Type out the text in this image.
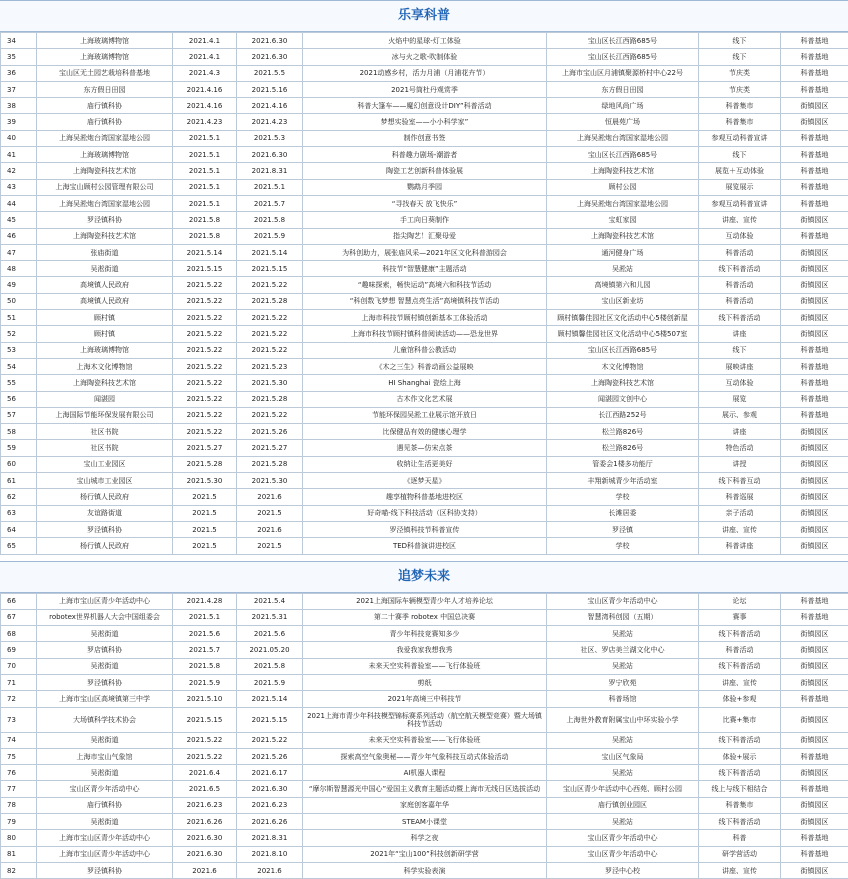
乐享科普
34	上海玻璃博物馆	2021.4.1	2021.6.30	火焰中的星球-灯工体验	宝山区长江西路685号	线下	科普基地
35	上海玻璃博物馆	2021.4.1	2021.6.30	冰与火之歌-吹制体验	宝山区长江西路685号	线下	科普基地
36	宝山区无土园艺栽培科普基地	2021.4.3	2021.5.5	2021动感乡村，活力月浦（月浦花卉节）	上海市宝山区月浦镇聚源桥村中心22号	节庆类	科普基地
37	东方假日田园	2021.4.16	2021.5.16	2021号筒杜丹观赏季	东方假日田园	节庆类	科普基地
38	庙行镇科协	2021.4.16	2021.4.16	科普大篷车——魔幻创意设计DIY”科普活动	绿地风尚广场	科普集市	街镇园区
39	庙行镇科协	2021.4.23	2021.4.23	梦想实验室——小小科学家”	恒晨苑广场	科普集市	街镇园区
40	上海吴淞炮台湾国家湿地公园	2021.5.1	2021.5.3	制作创意书签	上海吴淞炮台湾国家湿地公园	参观互动科普宣讲	科普基地
41	上海玻璃博物馆	2021.5.1	2021.6.30	科普趣力剧场-潮游者	宝山区长江西路685号	线下	科普基地
42	上海陶瓷科技艺术馆	2021.5.1	2021.8.31	陶瓷工艺创新科普体验展	上海陶瓷科技艺术馆	展览＋互动体验	科普基地
43	上海宝山顾村公园管理有限公司	2021.5.1	2021.5.1	鹦鹉月季园	顾村公园	展览展示	科普基地
44	上海吴淞炮台湾国家湿地公园	2021.5.1	2021.5.7	“寻找春天 放飞快乐”	上海吴淞炮台湾国家湿地公园	参观互动科普宣讲	科普基地
45	罗泾镇科协	2021.5.8	2021.5.8	手工向日葵制作	宝虹家园	讲座、宣传	街镇园区
46	上海陶瓷科技艺术馆	2021.5.8	2021.5.9	指尖陶艺！汇聚母爱	上海陶瓷科技艺术馆	互动体验	科普基地
47	张庙街道	2021.5.14	2021.5.14	为科创助力，展张庙风采—2021年区文化科普游园会	通河健身广场	科普活动	街镇园区
48	吴淞街道	2021.5.15	2021.5.15	科技节“智慧健康”主题活动	吴淞站	线下科普活动	街镇园区
49	高境镇人民政府	2021.5.22	2021.5.22	“趣味探索，畅快运动”高境六和科技节活动	高境镇第六和儿园	科普活动	街镇园区
50	高境镇人民政府	2021.5.22	2021.5.28	“科创数飞梦想 智慧点亮生活”高境镇科技节活动	宝山区新业坊	科普活动	街镇园区
51	顾村镇	2021.5.22	2021.5.22	上海市科技节顾村镇创新基本工体验活动	顾村镇馨佳园社区文化活动中心5楼创新屋	线下科普活动	街镇园区
52	顾村镇	2021.5.22	2021.5.22	上海市科技节顾村镇科普阅读活动——恐龙世界	顾村镇馨佳园社区文化活动中心5楼507室	讲座	街镇园区
53	上海玻璃博物馆	2021.5.22	2021.5.22	儿童馆科普公教活动	宝山区长江西路685号	线下	科普基地
54	上海木文化博物馆	2021.5.22	2021.5.23	《木之三生》科普动画公益展映	木文化博物馆	展映讲座	科普基地
55	上海陶瓷科技艺术馆	2021.5.22	2021.5.30	HI Shanghai 瓷绘上海	上海陶瓷科技艺术馆	互动体验	科普基地
56	闻湛园	2021.5.22	2021.5.28	古木作文化艺术展	闻湛园文创中心	展览	科普基地
57	上海国际节能环保发展有限公司	2021.5.22	2021.5.22	节能环保园吴淞工业展示馆开放日	长江西路252号	展示、参观	科普基地
58	社区书院	2021.5.22	2021.5.26	比保健品有效的健康心理学	松兰路826号	讲座	街镇园区
59	社区书院	2021.5.27	2021.5.27	遇见茶—仿宋点茶	松兰路826号	特色活动	街镇园区
60	宝山工业园区	2021.5.28	2021.5.28	收纳让生活更美好	管委会1楼多功能厅	讲授	街镇园区
61	宝山城市工业园区	2021.5.30	2021.5.30	《逐梦天星》	丰翔新城青少年活动室	线下科普互动	街镇园区
62	杨行镇人民政府	2021.5	2021.6	趣享植物科普基地进校区	学校	科普巡展	街镇园区
63	友谊路街道	2021.5	2021.5	好奇喵-线下科技活动（区科协支持）	长滩居委	亲子活动	街镇园区
64	罗泾镇科协	2021.5	2021.6	罗泾镇科技节科普宣传	罗泾镇	讲座、宣传	街镇园区
65	杨行镇人民政府	2021.5	2021.5	TED科普演讲进校区	学校	科普讲座	街镇园区
追梦未来
66	上海市宝山区青少年活动中心	2021.4.28	2021.5.4	2021上海国际车辆模型青少年人才培养论坛	宝山区青少年活动中心	论坛	科普基地
67	robotex世界机器人大会中国组委会	2021.5.1	2021.5.31	第二十赛季 robotex 中国总决赛	智慧湾科创园（五期）	赛事	科普基地
68	吴淞街道	2021.5.6	2021.5.6	青少年科技竞赛知多少	吴淞站	线下科普活动	街镇园区
69	罗店镇科协	2021.5.7	2021.05.20	我爱我家我想我秀	社区、罗店美兰湖文化中心	科普活动	街镇园区
70	吴淞街道	2021.5.8	2021.5.8	未来天空实科普验室——飞行体验班	吴淞站	线下科普活动	街镇园区
71	罗泾镇科协	2021.5.9	2021.5.9	剪纸	罗宁欣苑	讲座、宣传	街镇园区
72	上海市宝山区高境镇第三中学	2021.5.10	2021.5.14	2021年高境三中科技节	科普场馆	体验+参观	科普基地
73	大场镇科学技术协会	2021.5.15	2021.5.15	2021上海市青少年科技模型锦标赛系列活动（航空航天模型竞赛）暨大场镇科技节活动	上海世外教育附属宝山中环实验小学	比赛+集市	街镇园区
74	吴淞街道	2021.5.22	2021.5.22	未来天空实科普验室——飞行体验班	吴淞站	线下科普活动	街镇园区
75	上海市宝山气象馆	2021.5.22	2021.5.26	探索高空气象奥秘——青少年气象科技互动式体验活动	宝山区气象局	体验+展示	科普基地
76	吴淞街道	2021.6.4	2021.6.17	AI机器人课程	吴淞站	线下科普活动	街镇园区
77	宝山区青少年活动中心	2021.6.5	2021.6.30	“摩尔斯智慧源光中国心”爱国主义教育主题活动暨上海市无线日区选拔活动	宝山区青少年活动中心西苑、顾村公园	线上与线下相结合	科普基地
78	庙行镇科协	2021.6.23	2021.6.23	家庭创客嘉年华	庙行镇创业园区	科普集市	街镇园区
79	吴淞街道	2021.6.26	2021.6.26	STEAM小课堂	吴淞站	线下科普活动	街镇园区
80	上海市宝山区青少年活动中心	2021.6.30	2021.8.31	科学之夜	宝山区青少年活动中心	科普	科普基地
81	上海市宝山区青少年活动中心	2021.6.30	2021.8.10	2021年“宝山100”科技创新研学营	宝山区青少年活动中心	研学营活动	科普基地
82	罗泾镇科协	2021.6	2021.6	科学实验表演	罗泾中心校	讲座、宣传	街镇园区
